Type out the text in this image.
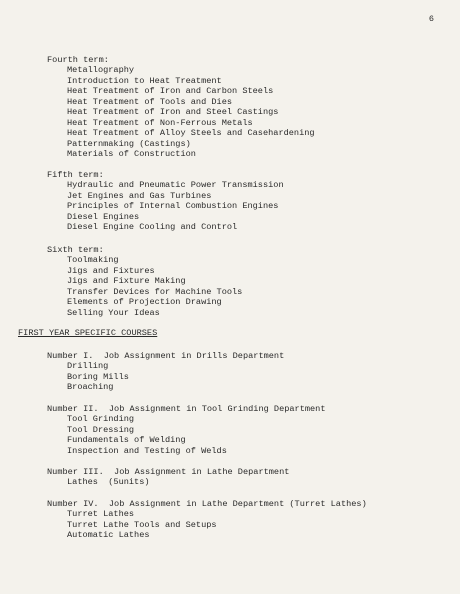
6
Fourth term:
Metallography
Introduction to Heat Treatment
Heat Treatment of Iron and Carbon Steels
Heat Treatment of Tools and Dies
Heat Treatment of Iron and Steel Castings
Heat Treatment of Non-Ferrous Metals
Heat Treatment of Alloy Steels and Casehardening
Patternmaking (Castings)
Materials of Construction
Fifth term:
Hydraulic and Pneumatic Power Transmission
Jet Engines and Gas Turbines
Principles of Internal Combustion Engines
Diesel Engines
Diesel Engine Cooling and Control
Sixth term:
Toolmaking
Jigs and Fixtures
Jigs and Fixture Making
Transfer Devices for Machine Tools
Elements of Projection Drawing
Selling Your Ideas
FIRST YEAR SPECIFIC COURSES
Number I.  Job Assignment in Drills Department
Drilling
Boring Mills
Broaching
Number II.  Job Assignment in Tool Grinding Department
Tool Grinding
Tool Dressing
Fundamentals of Welding
Inspection and Testing of Welds
Number III.  Job Assignment in Lathe Department
Lathes  (5units)
Number IV.  Job Assignment in Lathe Department (Turret Lathes)
Turret Lathes
Turret Lathe Tools and Setups
Automatic Lathes
